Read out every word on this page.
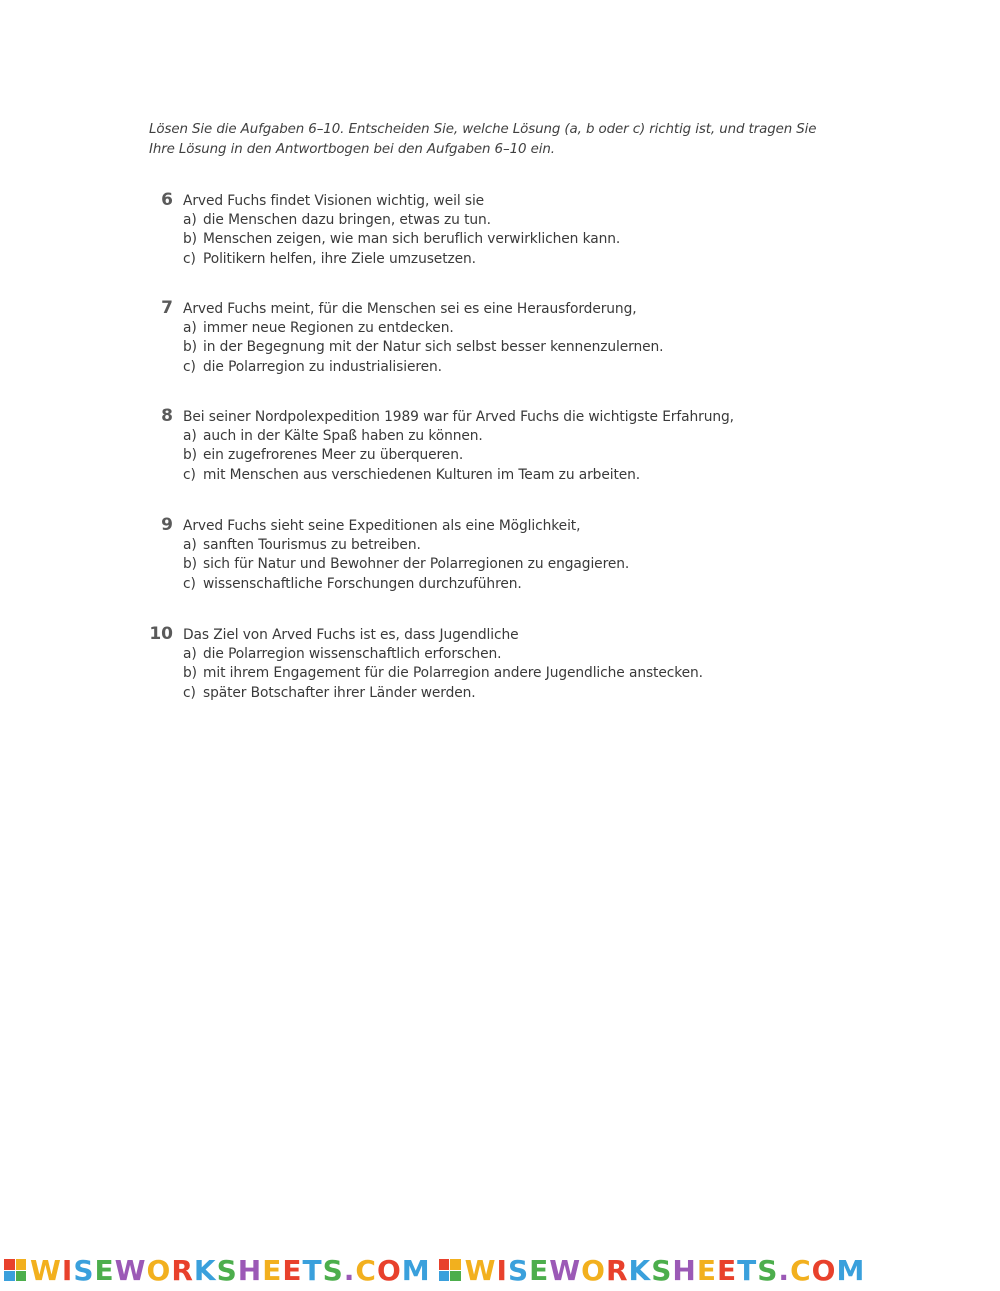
Lösen Sie die Aufgaben 6–10. Entscheiden Sie, welche Lösung (a, b oder c) richtig ist, und tragen Sie
Ihre Lösung in den Antwortbogen bei den Aufgaben 6–10 ein.
6 Arved Fuchs findet Visionen wichtig, weil sie
a) die Menschen dazu bringen, etwas zu tun.
b) Menschen zeigen, wie man sich beruflich verwirklichen kann.
c) Politikern helfen, ihre Ziele umzusetzen.
7 Arved Fuchs meint, für die Menschen sei es eine Herausforderung,
a) immer neue Regionen zu entdecken.
b) in der Begegnung mit der Natur sich selbst besser kennenzulernen.
c) die Polarregion zu industrialisieren.
8 Bei seiner Nordpolexpedition 1989 war für Arved Fuchs die wichtigste Erfahrung,
a) auch in der Kälte Spaß haben zu können.
b) ein zugefrorenes Meer zu überqueren.
c) mit Menschen aus verschiedenen Kulturen im Team zu arbeiten.
9 Arved Fuchs sieht seine Expeditionen als eine Möglichkeit,
a) sanften Tourismus zu betreiben.
b) sich für Natur und Bewohner der Polarregionen zu engagieren.
c) wissenschaftliche Forschungen durchzuführen.
10 Das Ziel von Arved Fuchs ist es, dass Jugendliche
a) die Polarregion wissenschaftlich erforschen.
b) mit ihrem Engagement für die Polarregion andere Jugendliche anstecken.
c) später Botschafter ihrer Länder werden.
W I S E W O R K S H E E T S . C O M W I S E W O R K S H E E T S . C O M
